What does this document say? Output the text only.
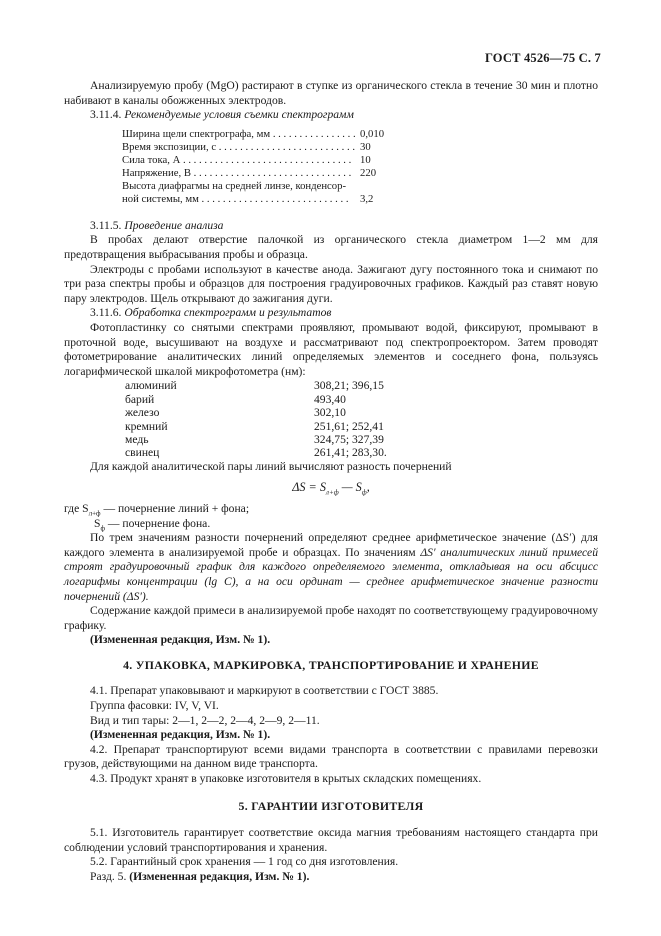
ГОСТ 4526—75 С. 7

Анализируемую пробу (MgO) растирают в ступке из органического стекла в течение 30 мин и плотно набивают в каналы обожженных электродов.

3.11.4. Рекомендуемые условия съемки спектрограмм

Ширина щели спектрографа, мм . . . . . . . . . . . . . . . . 0,010
Время экспозиции, с . . . . . . . . . . . . . . . . . . . . . . . . . . 30
Сила тока, А . . . . . . . . . . . . . . . . . . . . . . . . . . . . . . . . 10
Напряжение, В . . . . . . . . . . . . . . . . . . . . . . . . . . . . . . 220
Высота диафрагмы на средней линзе, конденсор-
ной системы, мм . . . . . . . . . . . . . . . . . . . . . . . . . . . .	3,2

3.11.5. Проведение анализа

В пробах делают отверстие палочкой из органического стекла диаметром 1—2 мм для предотвращения выбрасывания пробы и образца.

Электроды с пробами используют в качестве анода. Зажигают дугу постоянного тока и снимают по три раза спектры пробы и образцов для построения градуировочных графиков. Каждый раз ставят новую пару электродов. Щель открывают до зажигания дуги.

3.11.6. Обработка спектрограмм и результатов

Фотопластинку со снятыми спектрами проявляют, промывают водой, фиксируют, промывают в проточной воде, высушивают на воздухе и рассматривают под спектропроектором. Затем проводят фотометрирование аналитических линий определяемых элементов и соседнего фона, пользуясь логарифмической шкалой микрофотометра (нм):

алюминий	308,21; 396,15
барий	493,40
железо	302,10
кремний	251,61; 252,41
медь	324,75; 327,39
свинец	261,41; 283,30.

Для каждой аналитической пары линий вычисляют разность почернений

$\Delta S = S_{л+ф}$ — $S_ф$,

где $S_{л+ф}$ — почернение линий + фона;

$S_ф$ — почернение фона.

По трем значениям разности почернений определяют среднее арифметическое значение (ΔS′) для каждого элемента в анализируемой пробе и образцах. По значениям ΔS′ аналитических линий примесей строят градуировочный график для каждого определяемого элемента, откладывая на оси абсцисс логарифмы концентрации (lg C), а на оси ординат — среднее арифметическое значение разности почернений (ΔS′).

Содержание каждой примеси в анализируемой пробе находят по соответствующему градуировочному графику.

(Измененная редакция, Изм. № 1).

4. УПАКОВКА, МАРКИРОВКА, ТРАНСПОРТИРОВАНИЕ И ХРАНЕНИЕ

4.1. Препарат упаковывают и маркируют в соответствии с ГОСТ 3885.

Группа фасовки: IV, V, VI.

Вид и тип тары: 2—1, 2—2, 2—4, 2—9, 2—11.

(Измененная редакция, Изм. № 1).

4.2. Препарат транспортируют всеми видами транспорта в соответствии с правилами перевозки грузов, действующими на данном виде транспорта.

4.3. Продукт хранят в упаковке изготовителя в крытых складских помещениях.

5. ГАРАНТИИ ИЗГОТОВИТЕЛЯ

5.1. Изготовитель гарантирует соответствие оксида магния требованиям настоящего стандарта при соблюдении условий транспортирования и хранения.

5.2. Гарантийный срок хранения — 1 год со дня изготовления.

Разд. 5. (Измененная редакция, Изм. № 1).
